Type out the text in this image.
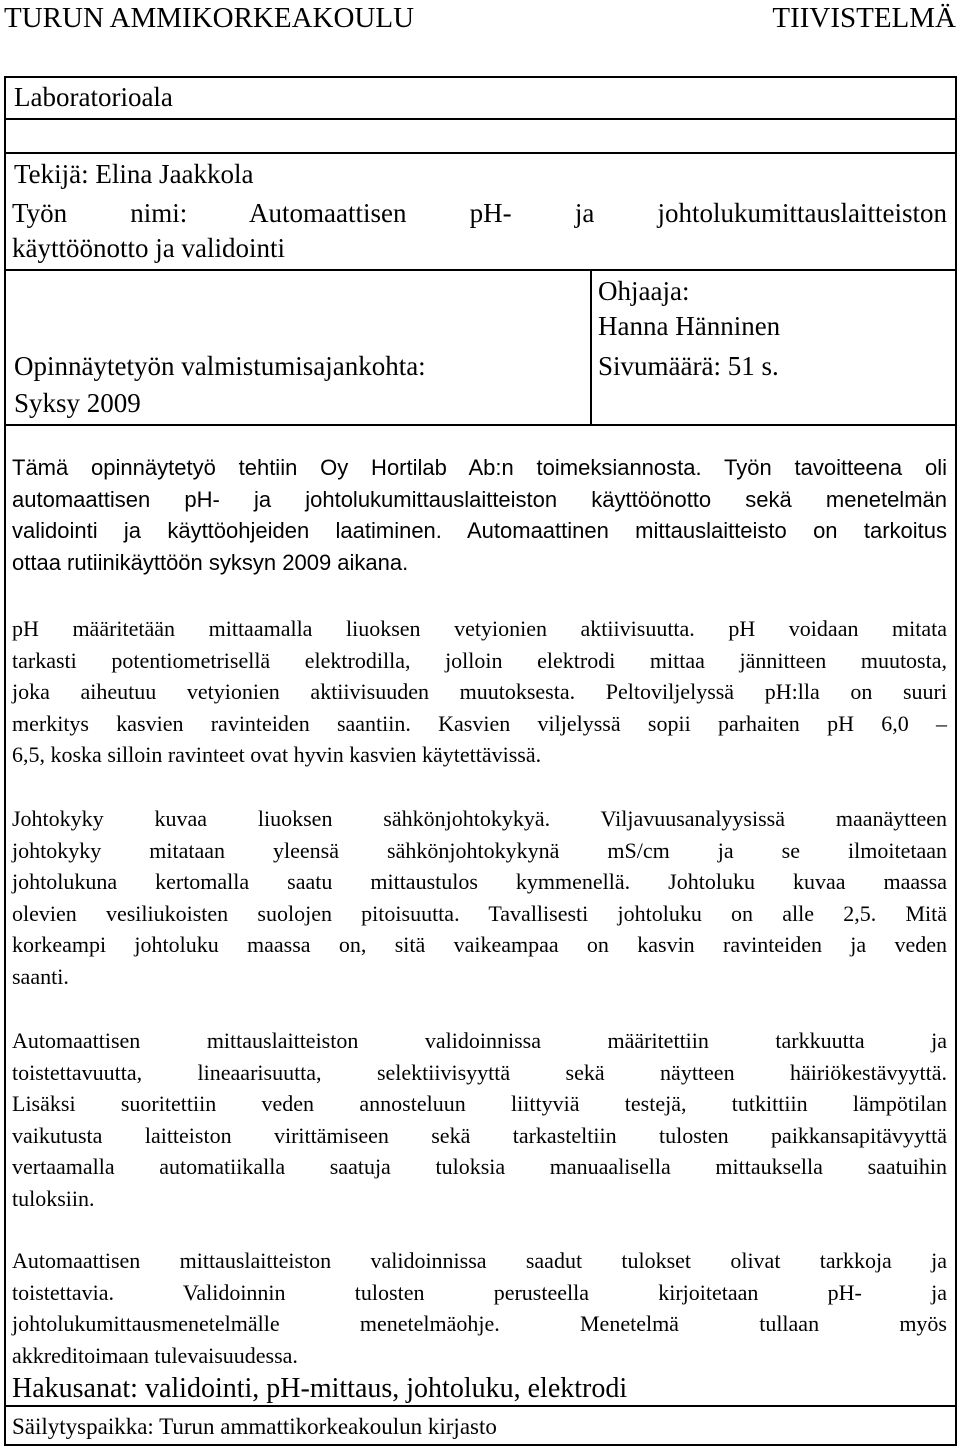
TURUN AMMIKORKEAKOULU	TIIVISTELMÄ
Laboratorioala
Tekijä: Elina Jaakkola
Työn nimi: Automaattisen pH- ja johtolukumittauslaitteiston
käyttöönotto ja validointi
Ohjaaja:
Hanna Hänninen
Opinnäytetyön valmistumisajankohta:	Sivumäärä: 51 s.
Syksy 2009
Tämä opinnäytetyö tehtiin Oy Hortilab Ab:n toimeksiannosta. Työn tavoitteena oli
automaattisen pH- ja johtolukumittauslaitteiston käyttöönotto sekä menetelmän
validointi ja käyttöohjeiden laatiminen. Automaattinen mittauslaitteisto on tarkoitus
ottaa rutiinikäyttöön syksyn 2009 aikana.
pH määritetään mittaamalla liuoksen vetyionien aktiivisuutta. pH voidaan mitata
tarkasti potentiometrisellä elektrodilla, jolloin elektrodi mittaa jännitteen muutosta,
joka aiheutuu vetyionien aktiivisuuden muutoksesta. Peltoviljelyssä pH:lla on suuri
merkitys kasvien ravinteiden saantiin. Kasvien viljelyssä sopii parhaiten pH 6,0 –
6,5, koska silloin ravinteet ovat hyvin kasvien käytettävissä.
Johtokyky kuvaa liuoksen sähkönjohtokykyä. Viljavuusanalyysissä maanäytteen
johtokyky mitataan yleensä sähkönjohtokykynä mS/cm ja se ilmoitetaan
johtolukuna kertomalla saatu mittaustulos kymmenellä. Johtoluku kuvaa maassa
olevien vesiliukoisten suolojen pitoisuutta. Tavallisesti johtoluku on alle 2,5. Mitä
korkeampi johtoluku maassa on, sitä vaikeampaa on kasvin ravinteiden ja veden
saanti.
Automaattisen mittauslaitteiston validoinnissa määritettiin tarkkuutta ja
toistettavuutta, lineaarisuutta, selektiivisyyttä sekä näytteen häiriökestävyyttä.
Lisäksi suoritettiin veden annosteluun liittyviä testejä, tutkittiin lämpötilan
vaikutusta laitteiston virittämiseen sekä tarkasteltiin tulosten paikkansapitävyyttä
vertaamalla automatiikalla saatuja tuloksia manuaalisella mittauksella saatuihin
tuloksiin.
Automaattisen mittauslaitteiston validoinnissa saadut tulokset olivat tarkkoja ja
toistettavia. Validoinnin tulosten perusteella kirjoitetaan pH- ja
johtolukumittausmenetelmälle menetelmäohje. Menetelmä tullaan myös
akkreditoimaan tulevaisuudessa.
Hakusanat: validointi, pH-mittaus, johtoluku, elektrodi
Säilytyspaikka: Turun ammattikorkeakoulun kirjasto
